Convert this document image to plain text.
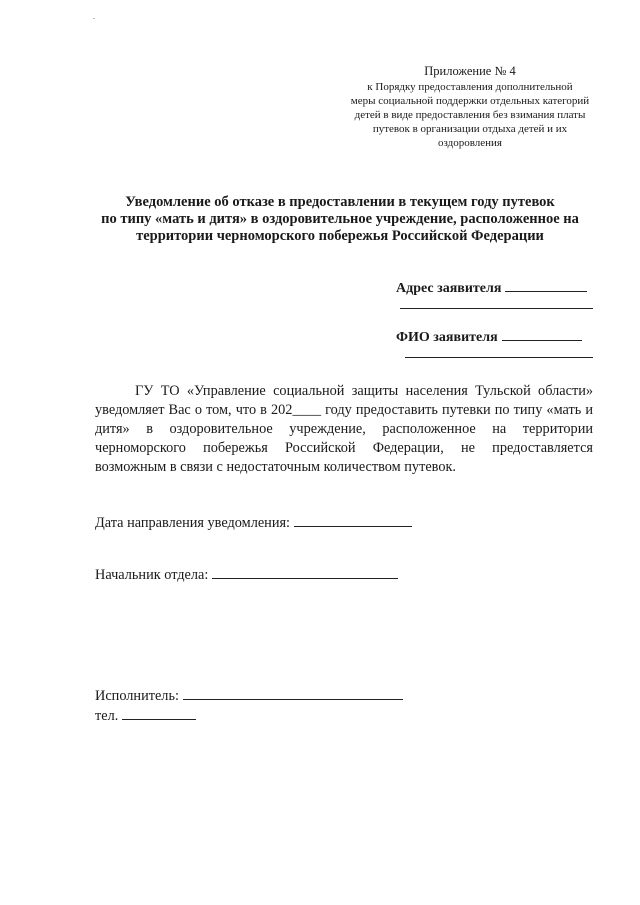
Приложение № 4
к Порядку предоставления дополнительной
меры социальной поддержки отдельных категорий
детей в виде предоставления без взимания платы
путевок в организации отдыха детей и их
оздоровления
Уведомление об отказе в предоставлении в текущем году путевок
по типу «мать и дитя» в оздоровительное учреждение, расположенное на
территории черноморского побережья Российской Федерации
Адрес заявителя
ФИО заявителя

ГУ ТО «Управление социальной защиты населения Тульской области» уведомляет Вас о том, что в 202____ году предоставить путевки по типу «мать и дитя» в оздоровительное учреждение, расположенное на территории черноморского побережья Российской Федерации, не предоставляется возможным в связи с недостаточным количеством путевок.

Дата направления уведомления:
Начальник отдела:
Исполнитель:
тел.
